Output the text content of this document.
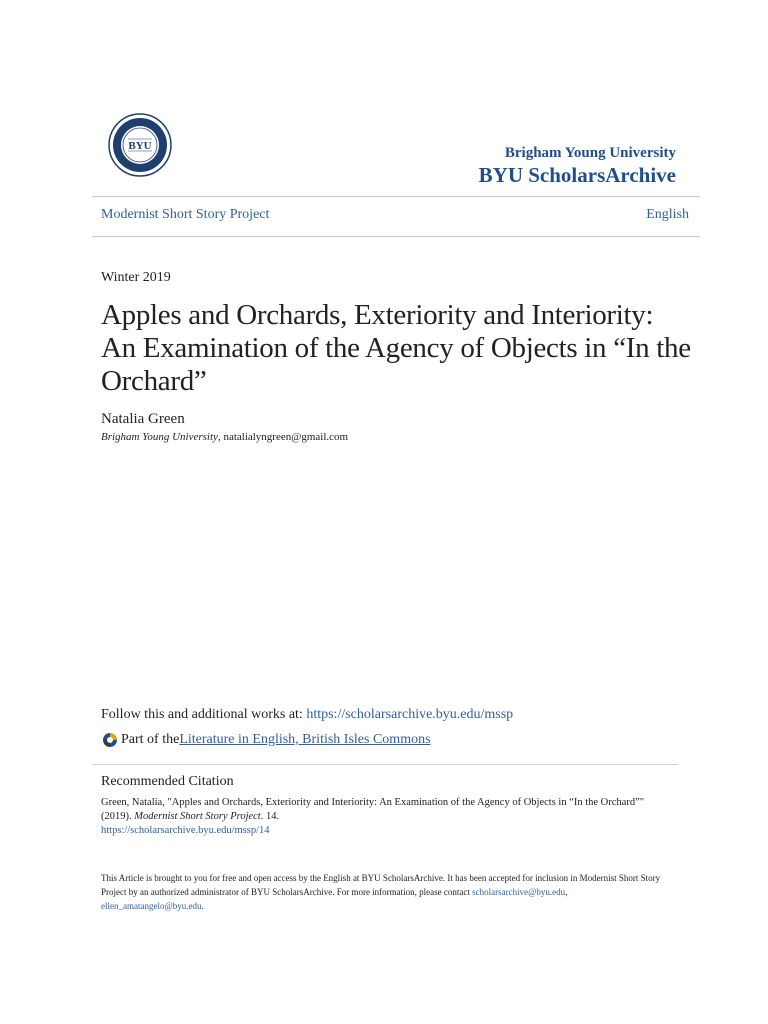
BYU	Brigham Young University
BYU ScholarsArchive
Modernist Short Story Project	English
Winter 2019
Apples and Orchards, Exteriority and Interiority: An Examination of the Agency of Objects in “In the Orchard”
Natalia Green
Brigham Young University, natalialyngreen@gmail.com
Follow this and additional works at: https://scholarsarchive.byu.edu/mssp
Part of the Literature in English, British Isles Commons
Recommended Citation
Green, Natalia, "Apples and Orchards, Exteriority and Interiority: An Examination of the Agency of Objects in “In the Orchard”" (2019). Modernist Short Story Project. 14.
https://scholarsarchive.byu.edu/mssp/14
This Article is brought to you for free and open access by the English at BYU ScholarsArchive. It has been accepted for inclusion in Modernist Short Story Project by an authorized administrator of BYU ScholarsArchive. For more information, please contact scholarsarchive@byu.edu, ellen_amatangelo@byu.edu.
